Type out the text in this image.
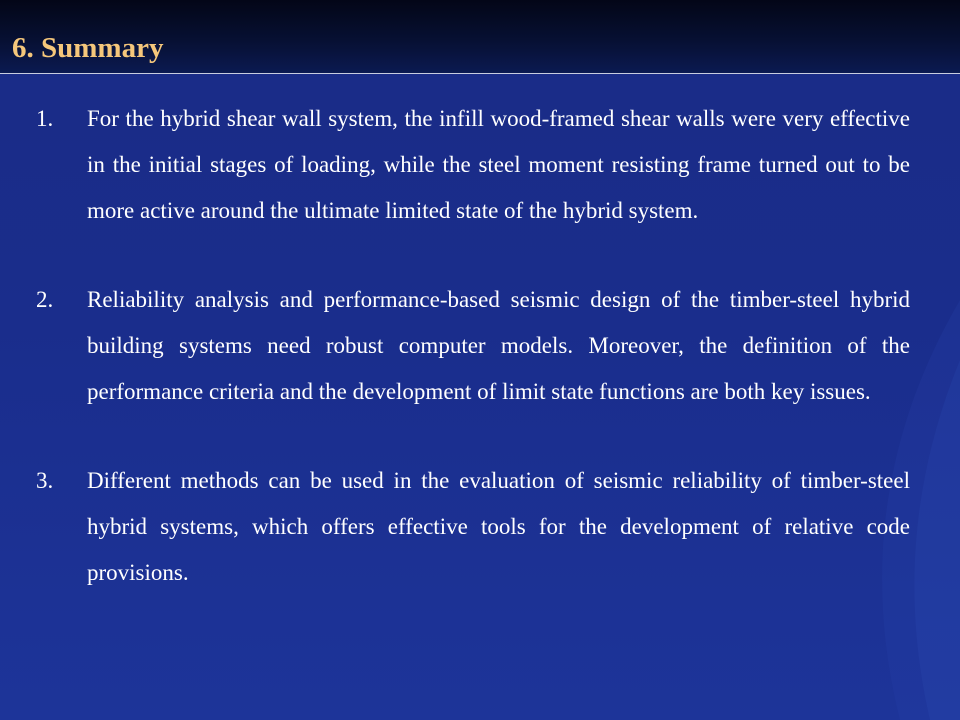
6. Summary
1. For the hybrid shear wall system, the infill wood-framed shear walls were very effective in the initial stages of loading, while the steel moment resisting frame turned out to be more active around the ultimate limited state of the hybrid system.
2. Reliability analysis and performance-based seismic design of the timber-steel hybrid building systems need robust computer models. Moreover, the definition of the performance criteria and the development of limit state functions are both key issues.
3. Different methods can be used in the evaluation of seismic reliability of timber-steel hybrid systems, which offers effective tools for the development of relative code provisions.
